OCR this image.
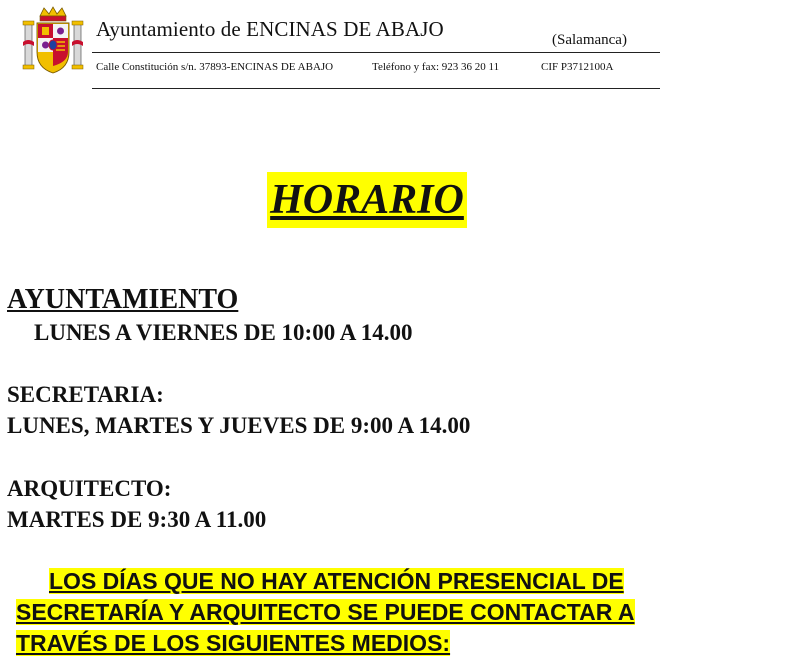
Ayuntamiento de ENCINAS DE ABAJO	(Salamanca)
Calle Constitución s/n. 37893-ENCINAS DE ABAJO	Teléfono y fax: 923 36 20 11	CIF P3712100A
HORARIO
AYUNTAMIENTO
LUNES A VIERNES DE 10:00 A 14.00
SECRETARIA:
LUNES, MARTES Y JUEVES DE 9:00 A 14.00
ARQUITECTO:
MARTES DE 9:30 A 11.00
LOS DÍAS QUE NO HAY ATENCIÓN PRESENCIAL DE
SECRETARÍA Y ARQUITECTO SE PUEDE CONTACTAR A
TRAVÉS DE LOS SIGUIENTES MEDIOS:
